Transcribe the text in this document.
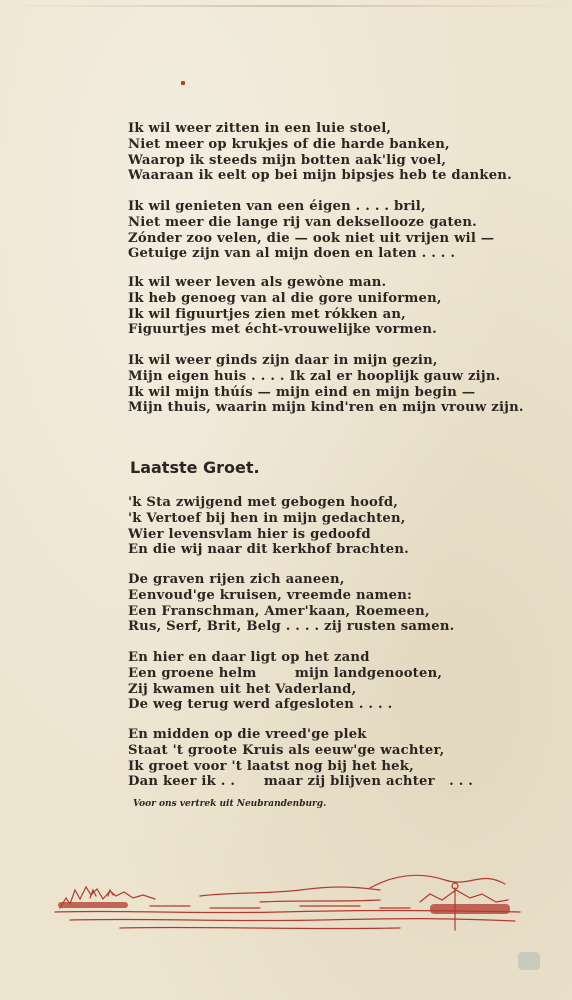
Ik wil weer zitten in een luie stoel,
Niet meer op krukjes of die harde banken,
Waarop ik steeds mijn botten aak'lig voel,
Waaraan ik eelt op bei mijn bipsjes heb te danken.
Ik wil genieten van een éigen . . . . bril,
Niet meer die lange rij van deksellooze gaten.
Zónder zoo velen, die — ook niet uit vrijen wil —
Getuige zijn van al mijn doen en laten . . . .
Ik wil weer leven als gewòne man.
Ik heb genoeg van al die gore uniformen,
Ik wil figuurtjes zien met rókken an,
Figuurtjes met écht-vrouwelijke vormen.
Ik wil weer ginds zijn daar in mijn gezin,
Mijn eigen huis . . . . Ik zal er hooplijk gauw zijn.
Ik wil mijn thúís — mijn eind en mijn begin —
Mijn thuis, waarin mijn kind'ren en mijn vrouw zijn.
Laatste Groet.
'k Sta zwijgend met gebogen hoofd,
'k Vertoef bij hen in mijn gedachten,
Wier levensvlam hier is gedoofd
En die wij naar dit kerkhof brachten.
De graven rijen zich aaneen,
Eenvoud'ge kruisen, vreemde namen:
Een Franschman, Amer'kaan, Roemeen,
Rus, Serf, Brit, Belg . . . . zij rusten samen.
En hier en daar ligt op het zand
Een groene helm        mijn landgenooten,
Zij kwamen uit het Vaderland,
De weg terug werd afgesloten . . . .
En midden op die vreed'ge plek
Staat 't groote Kruis als eeuw'ge wachter,
Ik groet voor 't laatst nog bij het hek,
Dan keer ik . .      maar zij blijven achter   . . .

Voor ons vertrek uit Neubrandenburg.
